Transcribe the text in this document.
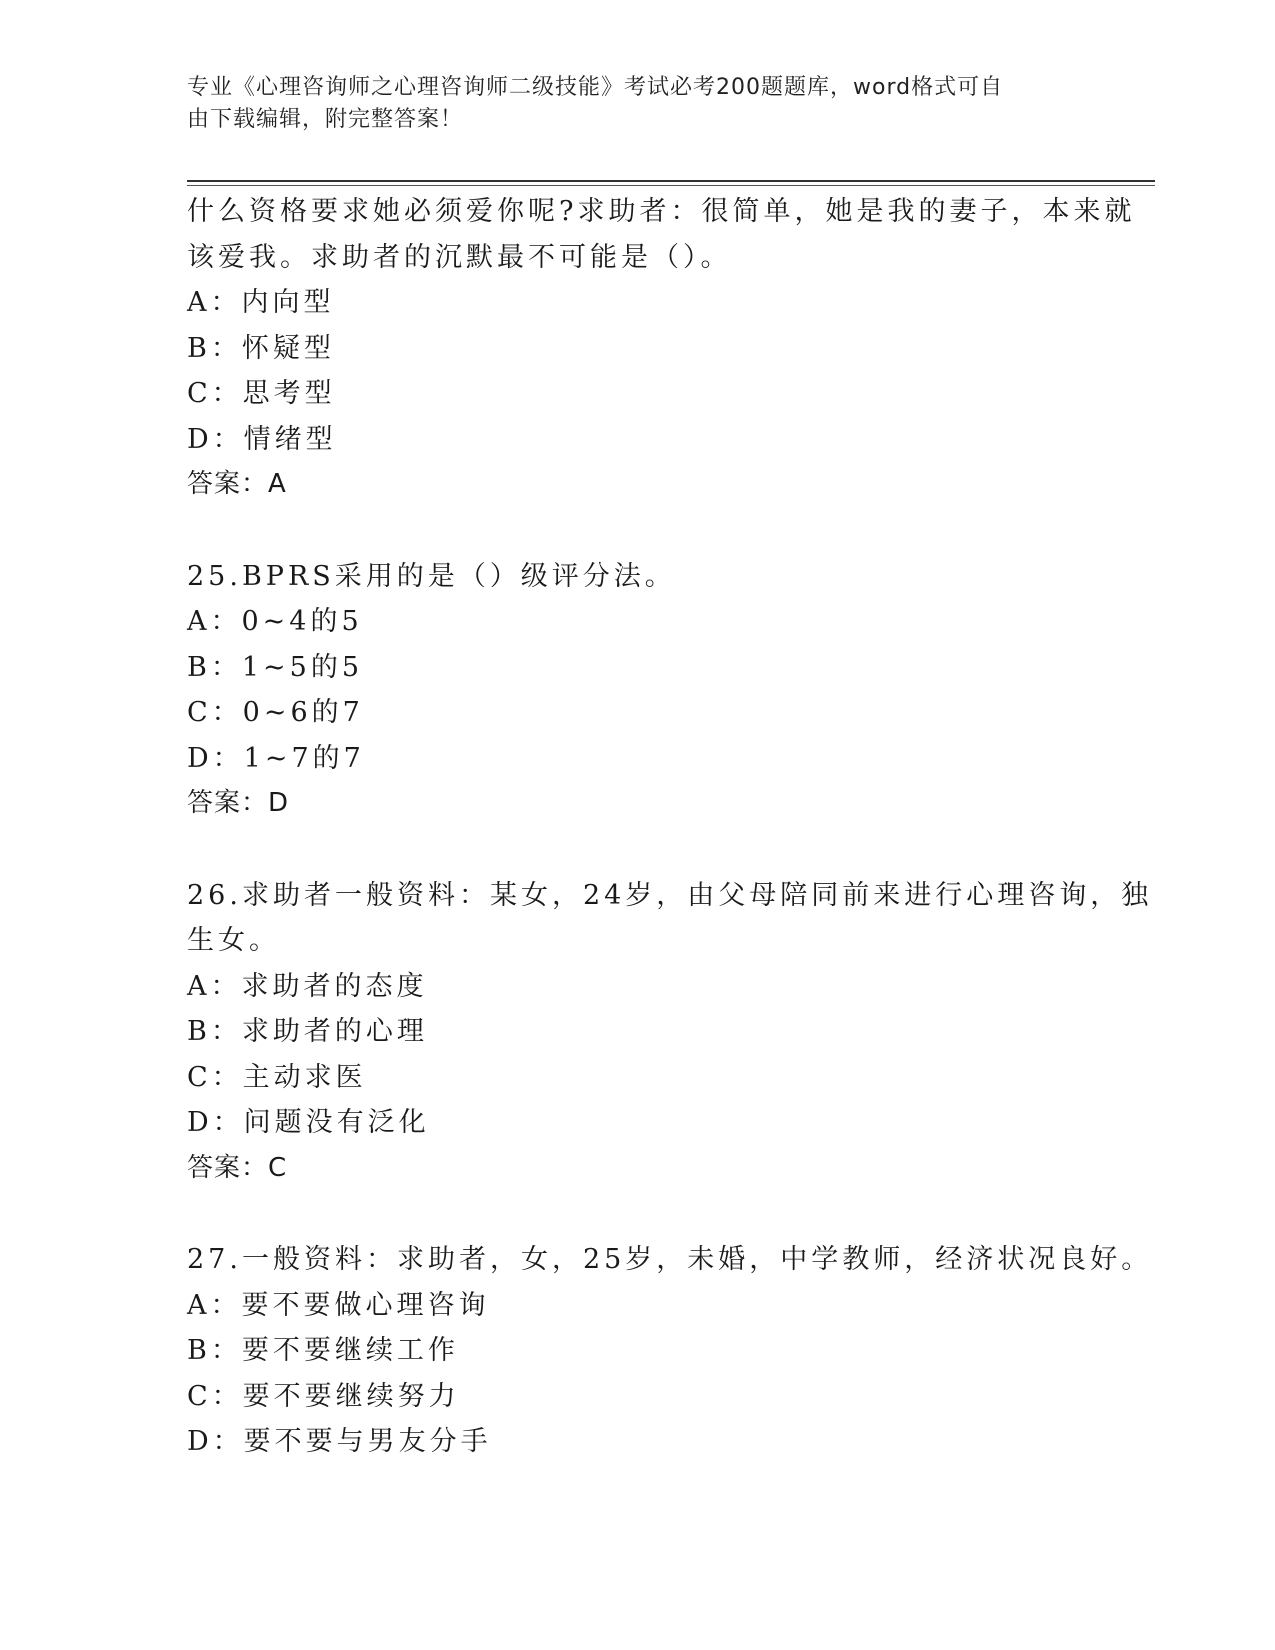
专业《心理咨询师之心理咨询师二级技能》考试必考200题题库，word格式可自
由下载编辑，附完整答案！
什么资格要求她必须爱你呢?求助者：很简单，她是我的妻子，本来就
该爱我。求助者的沉默最不可能是（）。
A：内向型
B：怀疑型
C：思考型
D：情绪型
答案：A
25.BPRS采用的是（）级评分法。
A：0~4的5
B：1~5的5
C：0~6的7
D：1~7的7
答案：D
26.求助者一般资料：某女，24岁，由父母陪同前来进行心理咨询，独
生女。
A：求助者的态度
B：求助者的心理
C：主动求医
D：问题没有泛化
答案：C
27.一般资料：求助者，女，25岁，未婚，中学教师，经济状况良好。
A：要不要做心理咨询
B：要不要继续工作
C：要不要继续努力
D：要不要与男友分手
